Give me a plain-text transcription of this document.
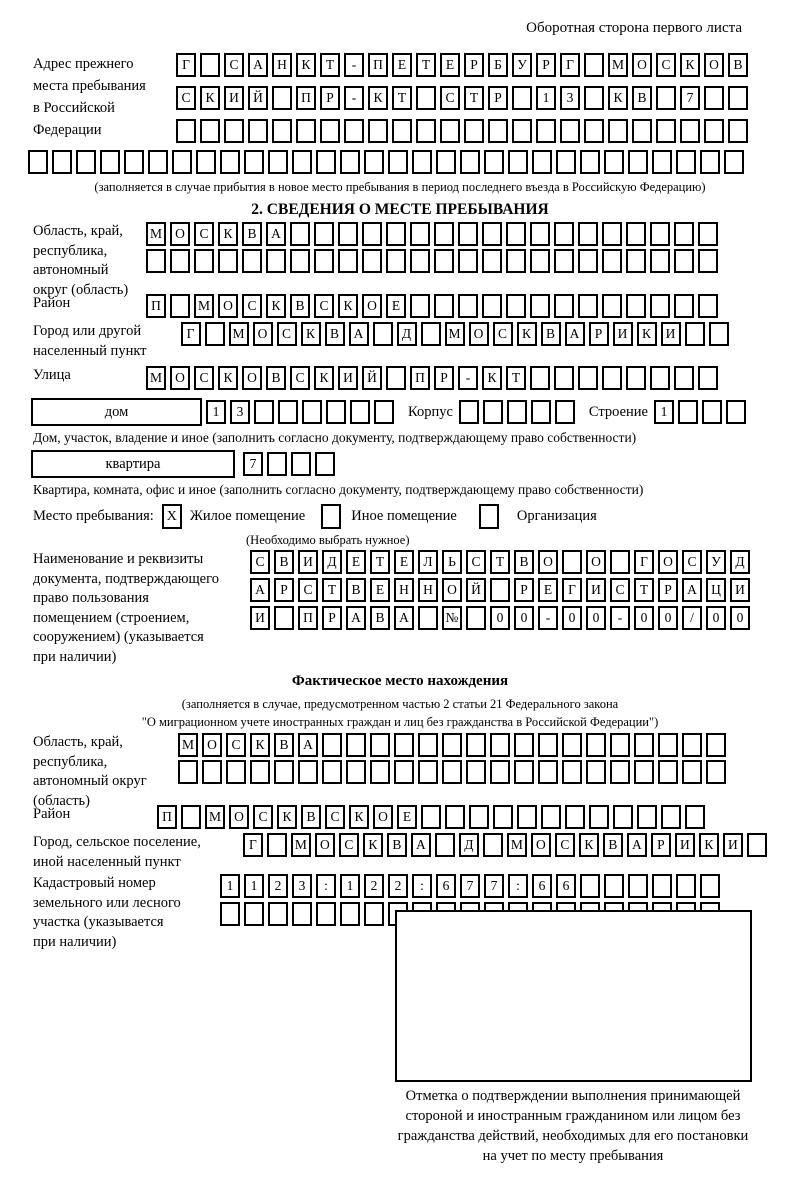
Оборотная сторона первого листа
Адрес прежнего
места пребывания
в Российской
Федерации
Г	С	А	Н	К	Т	-	П	Е	Т	Е	Р	Б	У	Р	Г	М О	С	К	О	В
С	К	И	Й	П	Р	-	К	Т	С	Т	Р	1	3	К	В	7
(заполняется в случае прибытия в новое место пребывания в период последнего въезда в Российскую Федерацию)
2. СВЕДЕНИЯ О МЕСТЕ ПРЕБЫВАНИЯ
Область, край,
республика,
автономный
округ (область)
М О	С	К	В	А
Район	П	М О	С	К	В	С	К	О	Е
Город или другой
населенный пункт
Г	М О	С	К	В	А	Д	М О	С	К	В	А	Р	И	К	И
Улица	М О	С	К	О	В	С	К	И	Й	П	Р	-	К	Т
дом	1	3	Корпус	Строение 1
Дом, участок, владение и иное (заполнить согласно документу, подтверждающему право собственности)
квартира	7
Квартира, комната, офис и иное (заполнить согласно документу, подтверждающему право собственности)
Место пребывания: X Жилое помещение	Иное помещение	Организация
(Необходимо выбрать нужное)
Наименование и реквизиты
документа, подтверждающего
право пользования
помещением (строением,
сооружением) (указывается
при наличии)
С	В	И	Д	Е	Т	Е	Л	Ь	С	Т	В	О	О	Г	О	С	У	Д
А	Р	С	Т	В	Е	Н	Н	О	Й	Р	Е	Г	И	С	Т	Р	А	Ц	И
И	П	Р	А	В	А	№	0	0	-	0	0	-	0	0	/	0	0
Фактическое место нахождения
(заполняется в случае, предусмотренном частью 2 статьи 21 Федерального закона
"О миграционном учете иностранных граждан и лиц без гражданства в Российской Федерации")
Область, край,
республика,
автономный округ
(область)
М О	С	К	В	А
Район	П	М О	С	К	В	С	К	О	Е
Город, сельское поселение,
иной населенный пункт
Г	М О	С	К	В	А	Д	М О	С	К	В	А	Р	И	К	И
Кадастровый номер
земельного или лесного
участка (указывается
при наличии)
1	1	2	3	:	1	2	2	:	6	7	7	:	6	6
Отметка о подтверждении выполнения принимающей
стороной и иностранным гражданином или лицом без
гражданства действий, необходимых для его постановки
на учет по месту пребывания
